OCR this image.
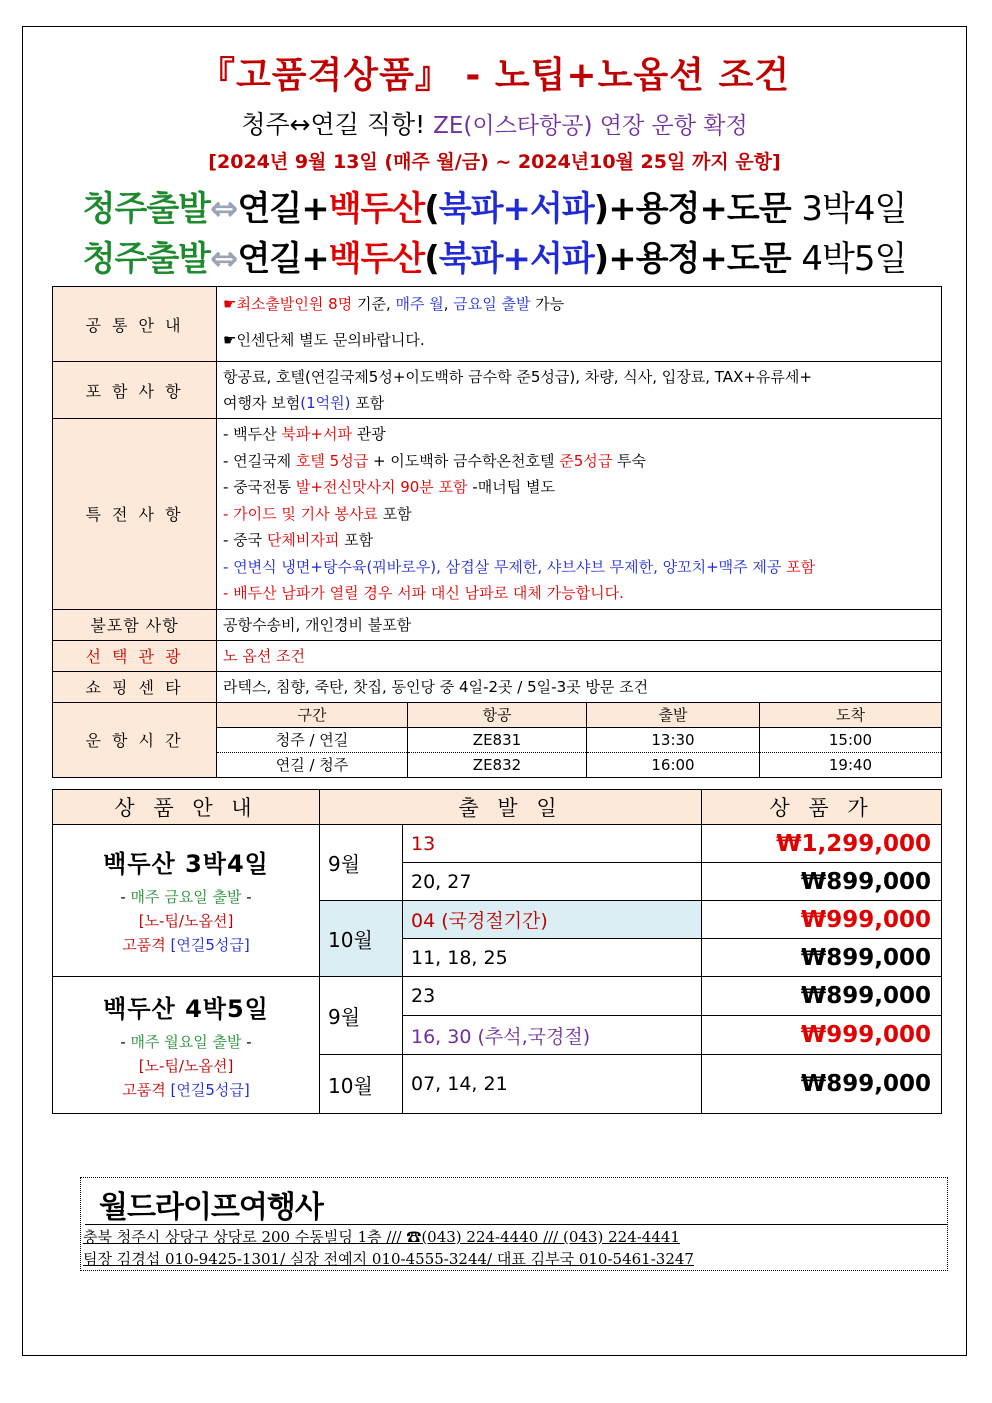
『고품격상품』 - 노팁+노옵션 조건
청주↔연길 직항! ZE(이스타항공) 연장 운항 확정
[2024년 9월 13일 (매주 월/금) ~ 2024년10월 25일 까지 운항]
청주출발⇔연길+백두산(북파+서파)+용정+도문 3박4일
청주출발⇔연길+백두산(북파+서파)+용정+도문 4박5일
공 통 안 내	
☛최소출발인원 8명 기준, 매주 월, 금요일 출발 가능
☛인센단체 별도 문의바랍니다.

포 함 사 항	
항공료, 호텔(연길국제5성+이도백하 금수학 준5성급), 차량, 식사, 입장료, TAX+유류세+
여행자 보험(1억원) 포함

특 전 사 항	
- 백두산 북파+서파 관광
- 연길국제 호텔 5성급 + 이도백하 금수학온천호텔 준5성급 투숙
- 중국전통 발+전신맛사지 90분 포함 -매너팁 별도
- 가이드 및 기사 봉사료 포함
- 중국 단체비자피 포함
- 연변식 냉면+탕수육(꿔바로우), 삼겹살 무제한, 샤브샤브 무제한, 양꼬치+맥주 제공 포함
- 배두산 남파가 열릴 경우 서파 대신 남파로 대체 가능합니다.

불포함 사항	공항수송비, 개인경비 불포함
선 택 관 광	노 옵션 조건
쇼 핑 센 타	라텍스, 침향, 죽탄, 찻집, 동인당 중 4일-2곳 / 5일-3곳 방문 조건
운 항 시 간	
구간	항공	출발	도착
청주 / 연길	ZE831	13:30	15:00
연길 / 청주	ZE832	16:00	19:40
상 품 안 내	출 발 일		상 품 가

백두산 3박4일
- 매주 금요일 출발 -
[노-팁/노옵션]
고품격 [연길5성급]	9월	13	₩1,299,000
		20, 27	₩899,000
	10월	04 (국경절기간)	₩999,000
		11, 18, 25	₩899,000

백두산 4박5일
- 매주 월요일 출발 -
[노-팁/노옵션]
고품격 [연길5성급]	9월	23	₩899,000
		16, 30 (추석,국경절)	₩999,000
	10월	07, 14, 21	₩899,000
월드라이프여행사
충북 청주시 상당구 상당로 200 수동빌딩 1층 /// ☎(043) 224-4440 /// (043) 224-4441
팀장 김경섭 010-9425-1301/ 실장 전예지 010-4555-3244/ 대표 김부국 010-5461-3247
